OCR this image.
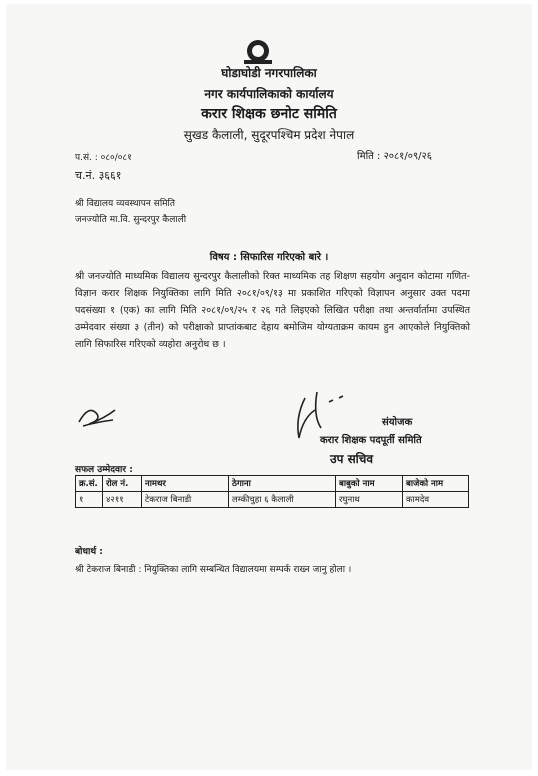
घोडाघोडी नगरपालिका
नगर कार्यपालिकाको कार्यालय
करार शिक्षक छनोट समिति
सुखड कैलाली, सुदूरपश्चिम प्रदेश नेपाल
प.सं. : ०८०/०८१
च.नं. ३६६१
मिति : २०८१/०९/२६
श्री विद्यालय व्यवस्थापन समिति
जनज्योति मा.वि. सुन्दरपुर कैलाली
विषय : सिफारिस गरिएको बारे ।
श्री जनज्योति माध्यमिक विद्यालय सुन्दरपुर कैलालीको रिक्त माध्यमिक तह शिक्षण सहयोग अनुदान कोटामा गणित-विज्ञान करार शिक्षक नियुक्तिका लागि मिति २०८१/०९/१३ मा प्रकाशित गरिएको विज्ञापन अनुसार उक्त पदमा पदसंख्या १ (एक) का लागि मिति २०८१/०९/२५ र २६ गते लिइएको लिखित परीक्षा तथा अन्तर्वार्तामा उपस्थित उम्मेदवार संख्या ३ (तीन) को परीक्षाको प्राप्तांकबाट देहाय बमोजिम योग्यताक्रम कायम हुन आएकोले नियुक्तिको लागि सिफारिस गरिएको व्यहोरा अनुरोध छ ।
संयोजक
करार शिक्षक पदपूर्ती समिति
उप सचिव
सफल उम्मेदवार :
क्र.सं.	रोल नं.	नामथर	ठेगाना	बाबुको नाम	बाजेको नाम
१	४२११	टेकराज बिनाडी	लम्कीचुहा ६ कैलाली	रघुनाथ	कामदेव
बोधार्थ :
श्री टेकराज बिनाडी : नियुक्तिका लागि सम्बन्धित विद्यालयमा सम्पर्क राख्न जानु होला ।
